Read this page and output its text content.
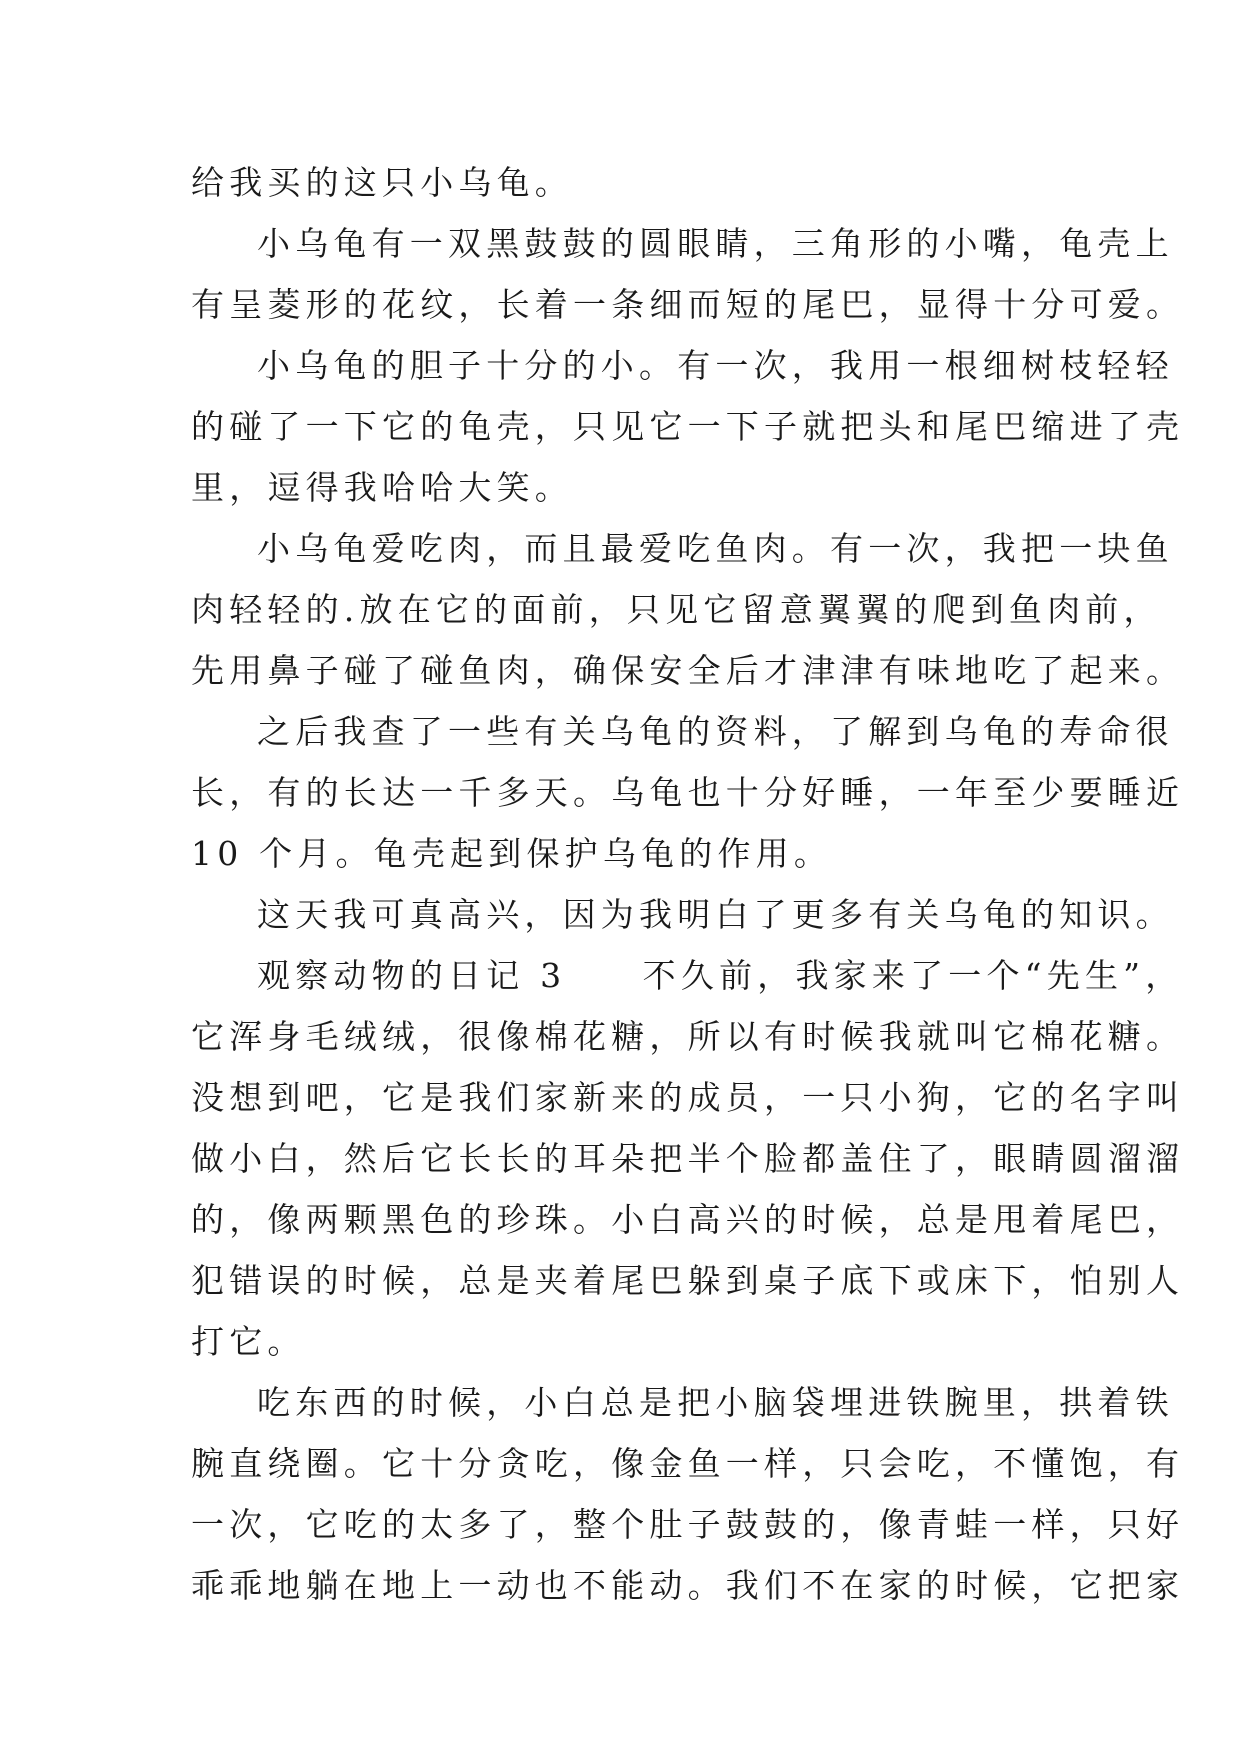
给我买的这只小乌龟。
小乌龟有一双黑鼓鼓的圆眼睛，三角形的小嘴，龟壳上
有呈菱形的花纹，长着一条细而短的尾巴，显得十分可爱。
小乌龟的胆子十分的小。有一次，我用一根细树枝轻轻
的碰了一下它的龟壳，只见它一下子就把头和尾巴缩进了壳
里，逗得我哈哈大笑。
小乌龟爱吃肉，而且最爱吃鱼肉。有一次，我把一块鱼
肉轻轻的.放在它的面前，只见它留意翼翼的爬到鱼肉前，
先用鼻子碰了碰鱼肉，确保安全后才津津有味地吃了起来。
之后我查了一些有关乌龟的资料，了解到乌龟的寿命很
长，有的长达一千多天。乌龟也十分好睡，一年至少要睡近
10 个月。龟壳起到保护乌龟的作用。
这天我可真高兴，因为我明白了更多有关乌龟的知识。
观察动物的日记 3　　不久前，我家来了一个“先生”，
它浑身毛绒绒，很像棉花糖，所以有时候我就叫它棉花糖。
没想到吧，它是我们家新来的成员，一只小狗，它的名字叫
做小白，然后它长长的耳朵把半个脸都盖住了，眼睛圆溜溜
的，像两颗黑色的珍珠。小白高兴的时候，总是甩着尾巴，
犯错误的时候，总是夹着尾巴躲到桌子底下或床下，怕别人
打它。
吃东西的时候，小白总是把小脑袋埋进铁腕里，拱着铁
腕直绕圈。它十分贪吃，像金鱼一样，只会吃，不懂饱，有
一次，它吃的太多了，整个肚子鼓鼓的，像青蛙一样，只好
乖乖地躺在地上一动也不能动。我们不在家的时候，它把家
